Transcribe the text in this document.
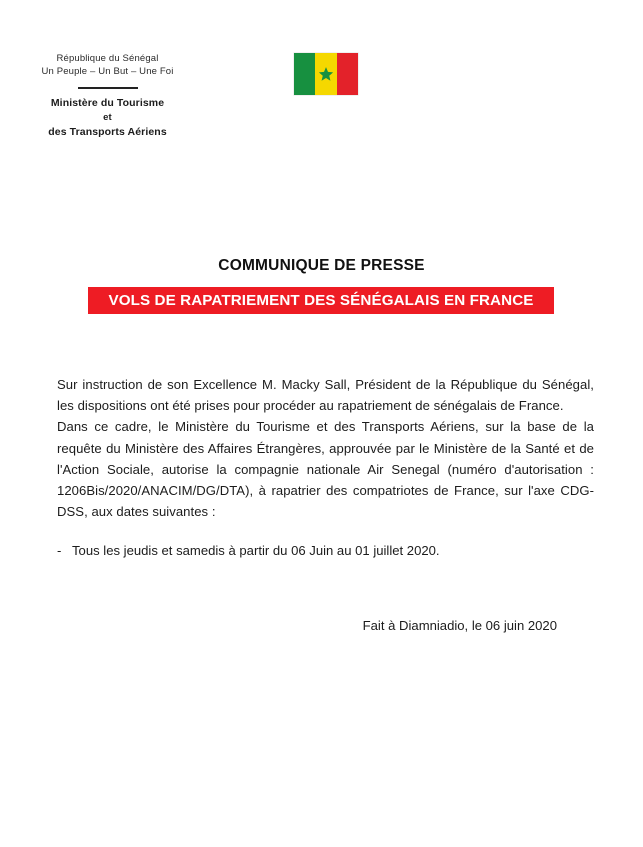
République du Sénégal
Un Peuple – Un But – Une Foi
Ministère du Tourisme
et
des Transports Aériens
COMMUNIQUE DE PRESSE
VOLS DE RAPATRIEMENT DES SÉNÉGALAIS EN FRANCE

Sur instruction de son Excellence M. Macky Sall, Président de la République du Sénégal, les dispositions ont été prises pour procéder au rapatriement de sénégalais de France.

Dans ce cadre, le Ministère du Tourisme et des Transports Aériens, sur la base de la requête du Ministère des Affaires Étrangères, approuvée par le Ministère de la Santé et de l'Action Sociale, autorise la compagnie nationale Air Senegal (numéro d'autorisation : 1206Bis/2020/ANACIM/DG/DTA), à rapatrier des compatriotes de France, sur l'axe CDG-DSS, aux dates suivantes :

- Tous les jeudis et samedis à partir du 06 Juin au 01 juillet 2020.
Fait à Diamniadio, le 06 juin 2020
